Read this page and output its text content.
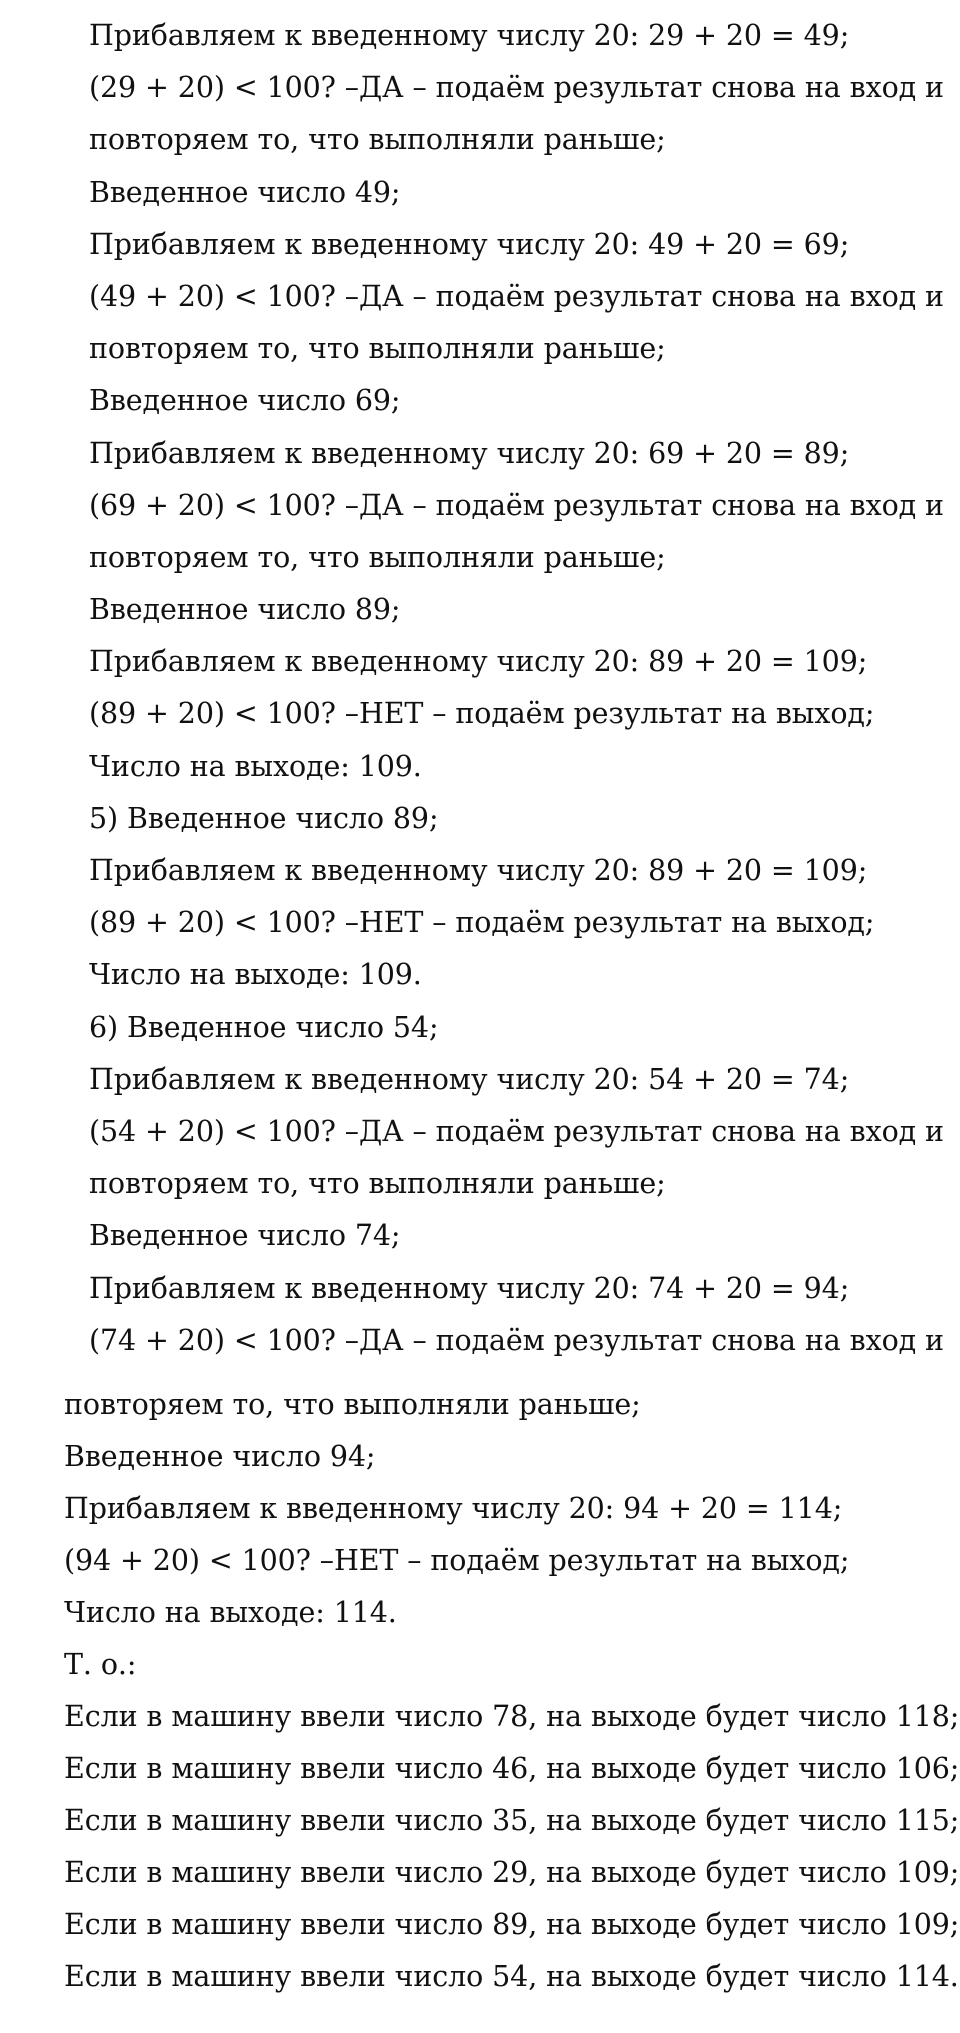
Прибавляем к введенному числу 20: 29 + 20 = 49;
(29 + 20) < 100? –ДА – подаём результат снова на вход и
повторяем то, что выполняли раньше;
Введенное число 49;
Прибавляем к введенному числу 20: 49 + 20 = 69;
(49 + 20) < 100? –ДА – подаём результат снова на вход и
повторяем то, что выполняли раньше;
Введенное число 69;
Прибавляем к введенному числу 20: 69 + 20 = 89;
(69 + 20) < 100? –ДА – подаём результат снова на вход и
повторяем то, что выполняли раньше;
Введенное число 89;
Прибавляем к введенному числу 20: 89 + 20 = 109;
(89 + 20) < 100? –НЕТ – подаём результат на выход;
Число на выходе: 109.
5) Введенное число 89;
Прибавляем к введенному числу 20: 89 + 20 = 109;
(89 + 20) < 100? –НЕТ – подаём результат на выход;
Число на выходе: 109.
6) Введенное число 54;
Прибавляем к введенному числу 20: 54 + 20 = 74;
(54 + 20) < 100? –ДА – подаём результат снова на вход и
повторяем то, что выполняли раньше;
Введенное число 74;
Прибавляем к введенному числу 20: 74 + 20 = 94;
(74 + 20) < 100? –ДА – подаём результат снова на вход и
повторяем то, что выполняли раньше;
Введенное число 94;
Прибавляем к введенному числу 20: 94 + 20 = 114;
(94 + 20) < 100? –НЕТ – подаём результат на выход;
Число на выходе: 114.
Т. о.:
Если в машину ввели число 78, на выходе будет число 118;
Если в машину ввели число 46, на выходе будет число 106;
Если в машину ввели число 35, на выходе будет число 115;
Если в машину ввели число 29, на выходе будет число 109;
Если в машину ввели число 89, на выходе будет число 109;
Если в машину ввели число 54, на выходе будет число 114.
